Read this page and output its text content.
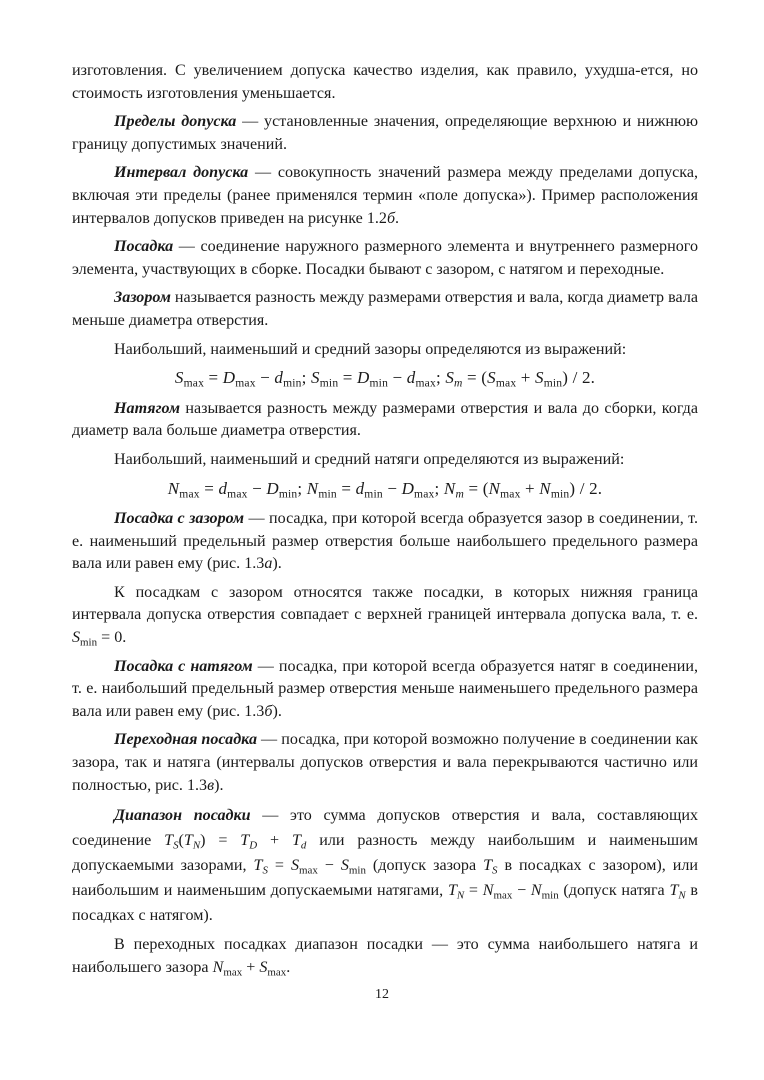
изготовления. С увеличением допуска качество изделия, как правило, ухудша-ется, но стоимость изготовления уменьшается.

Пределы допуска — установленные значения, определяющие верхнюю и нижнюю границу допустимых значений.

Интервал допуска — совокупность значений размера между пределами допуска, включая эти пределы (ранее применялся термин «поле допуска»). Пример расположения интервалов допусков приведен на рисунке 1.2б.

Посадка — соединение наружного размерного элемента и внутреннего размерного элемента, участвующих в сборке. Посадки бывают с зазором, с натягом и переходные.

Зазором называется разность между размерами отверстия и вала, когда диаметр вала меньше диаметра отверстия.

Наибольший, наименьший и средний зазоры определяются из выражений:

$S_{max} = D_{max} - d_{min}$; $S_{min} = D_{min} - d_{max}$; $S_m = (S_{max} + S_{min}) / 2$.

Натягом называется разность между размерами отверстия и вала до сборки, когда диаметр вала больше диаметра отверстия.

Наибольший, наименьший и средний натяги определяются из выражений:

$N_{max} = d_{max} - D_{min}$; $N_{min} = d_{min} - D_{max}$; $N_m = (N_{max} + N_{min}) / 2$.

Посадка с зазором — посадка, при которой всегда образуется зазор в соединении, т. е. наименьший предельный размер отверстия больше наибольшего предельного размера вала или равен ему (рис. 1.3а).

К посадкам с зазором относятся также посадки, в которых нижняя граница интервала допуска отверстия совпадает с верхней границей интервала допуска вала, т. е. $S_{min} = 0$.

Посадка с натягом — посадка, при которой всегда образуется натяг в соединении, т. е. наибольший предельный размер отверстия меньше наименьшего предельного размера вала или равен ему (рис. 1.3б).

Переходная посадка — посадка, при которой возможно получение в соединении как зазора, так и натяга (интервалы допусков отверстия и вала перекрываются частично или полностью, рис. 1.3в).

Диапазон посадки — это сумма допусков отверстия и вала, составляющих соединение $T_S(T_N) = T_D + T_d$ или разность между наибольшим и наименьшим допускаемыми зазорами, $T_S = S_{max} - S_{min}$ (допуск зазора $T_S$ в посадках с зазором), или наибольшим и наименьшим допускаемыми натягами, $T_N = N_{max} - N_{min}$ (допуск натяга $T_N$ в посадках с натягом).

В переходных посадках диапазон посадки — это сумма наибольшего натяга и наибольшего зазора $N_{max} + S_{max}$.

12
